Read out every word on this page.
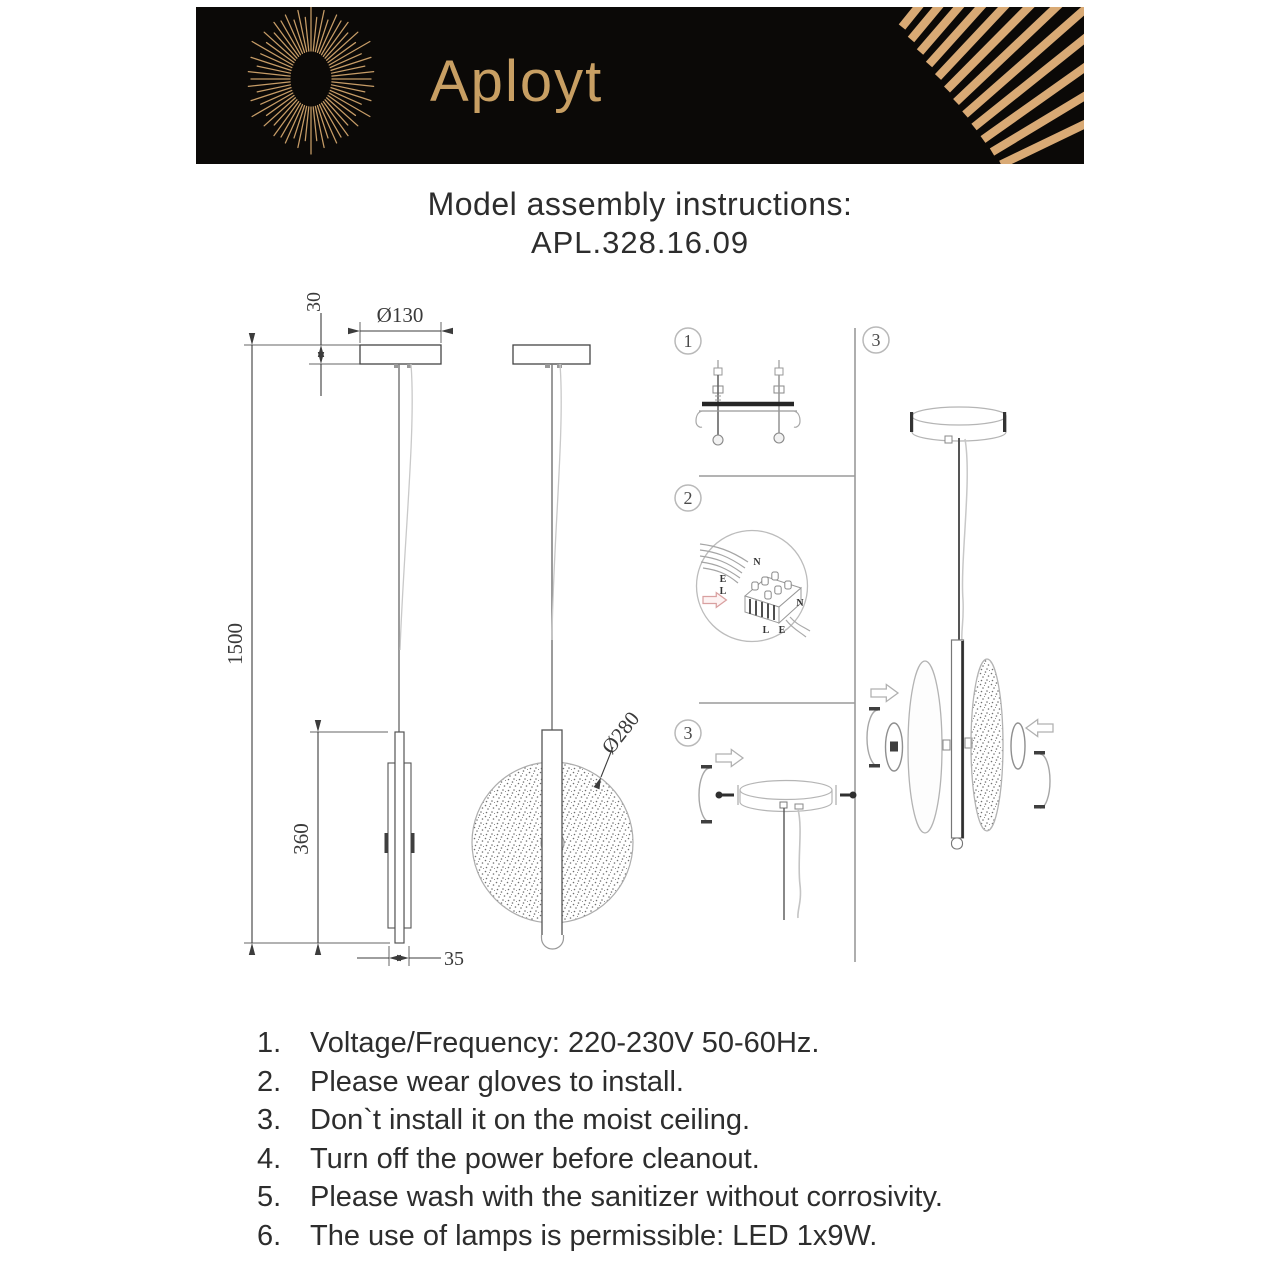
Aployt
Model assembly instructions:
APL.328.16.09
30
Ø130
1500
360
35
Ø280
1
2
3
3
N
E
L
N
L E
1. Voltage/Frequency: 220-230V 50-60Hz.
2. Please wear gloves to install.
3. Don`t install it on the moist ceiling.
4. Turn off the power before cleanout.
5. Please wash with the sanitizer without corrosivity.
6. The use of lamps is permissible: LED 1x9W.
